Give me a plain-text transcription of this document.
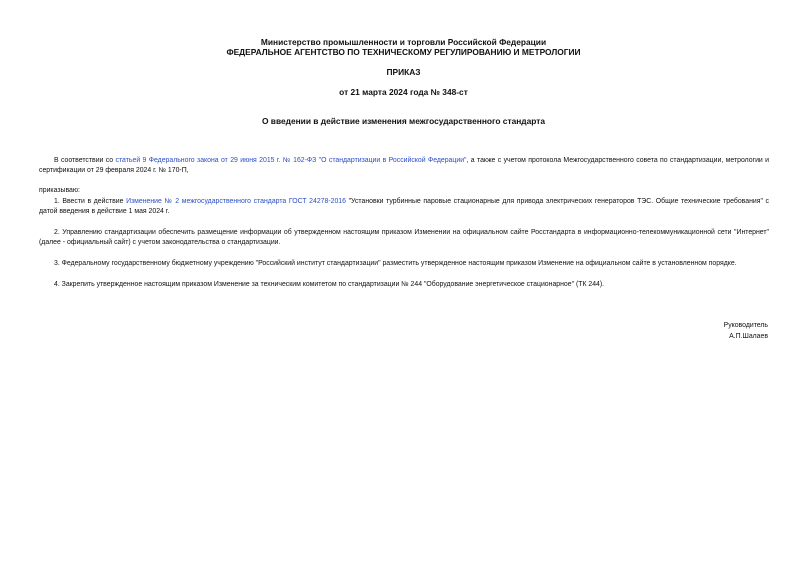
Министерство промышленности и торговли Российской Федерации
ФЕДЕРАЛЬНОЕ АГЕНТСТВО ПО ТЕХНИЧЕСКОМУ РЕГУЛИРОВАНИЮ И МЕТРОЛОГИИ
ПРИКАЗ
от 21 марта 2024 года № 348-ст
О введении в действие изменения межгосударственного стандарта
В соответствии со статьей 9 Федерального закона от 29 июня 2015 г. № 162-ФЗ "О стандартизации в Российской Федерации", а также с учетом протокола Межгосударственного совета по стандартизации, метрологии и сертификации от 29 февраля 2024 г. № 170-П,
приказываю:
1. Ввести в действие Изменение № 2 межгосударственного стандарта ГОСТ 24278-2016 "Установки турбинные паровые стационарные для привода электрических генераторов ТЭС. Общие технические требования" с датой введения в действие 1 мая 2024 г.
2. Управлению стандартизации обеспечить размещение информации об утвержденном настоящим приказом Изменении на официальном сайте Росстандарта в информационно-телекоммуникационной сети "Интернет" (далее - официальный сайт) с учетом законодательства о стандартизации.
3. Федеральному государственному бюджетному учреждению "Российский институт стандартизации" разместить утвержденное настоящим приказом Изменение на официальном сайте в установленном порядке.
4. Закрепить утвержденное настоящим приказом Изменение за техническим комитетом по стандартизации № 244 "Оборудование энергетическое стационарное" (ТК 244).
Руководитель
А.П.Шалаев
